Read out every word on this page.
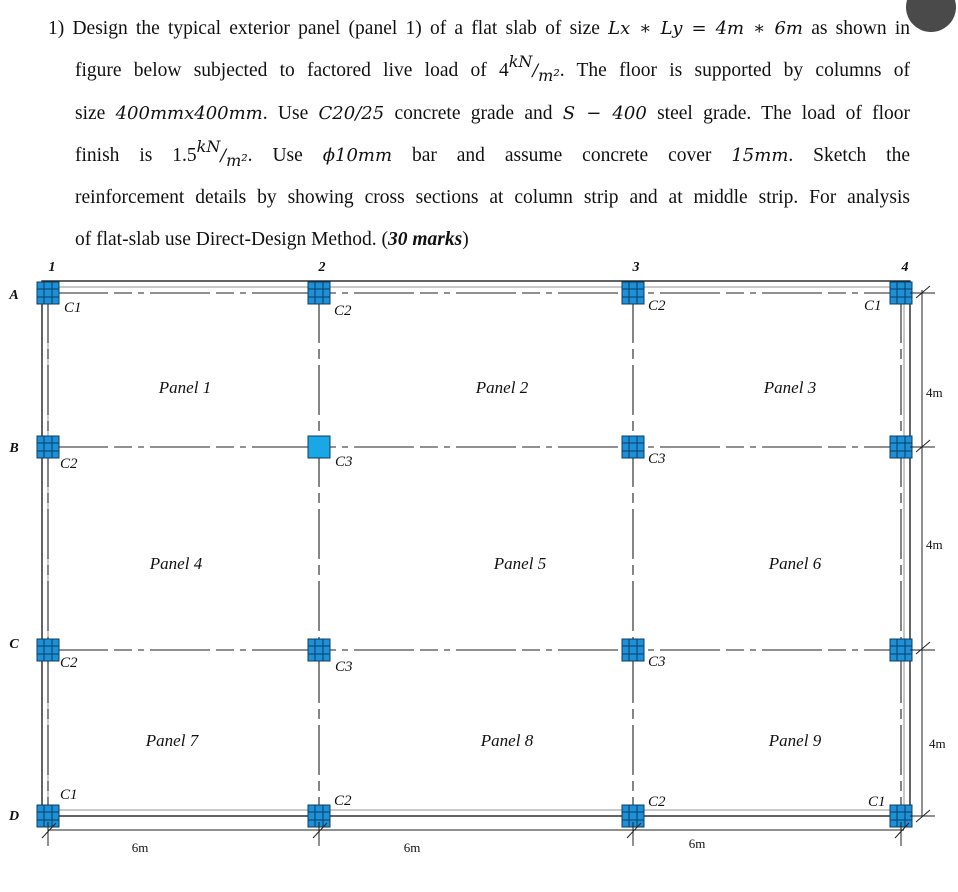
1) Design the typical exterior panel (panel 1) of a flat slab of size Lx ∗ Ly = 4m ∗ 6m as shown in
figure below subjected to factored live load of 4kN/m². The floor is supported by columns of
size 400mmx400mm. Use C20/25 concrete grade and S − 400 steel grade. The load of floor
finish is 1.5kN/m². Use ϕ10mm bar and assume concrete cover 15mm. Sketch the
reinforcement details by showing cross sections at column strip and at middle strip. For analysis
of flat-slab use Direct-Design Method. (30 marks)
1	2	3	4
A
B
C
D
C1	C2	C2	C1
C2	C3	C3
C2	C3	C3
C1	C2	C2	C1
Panel 1	Panel 2	Panel 3
Panel 4	Panel 5	Panel 6
Panel 7	Panel 8	Panel 9
4m
4m
4m
6m	6m	6m
